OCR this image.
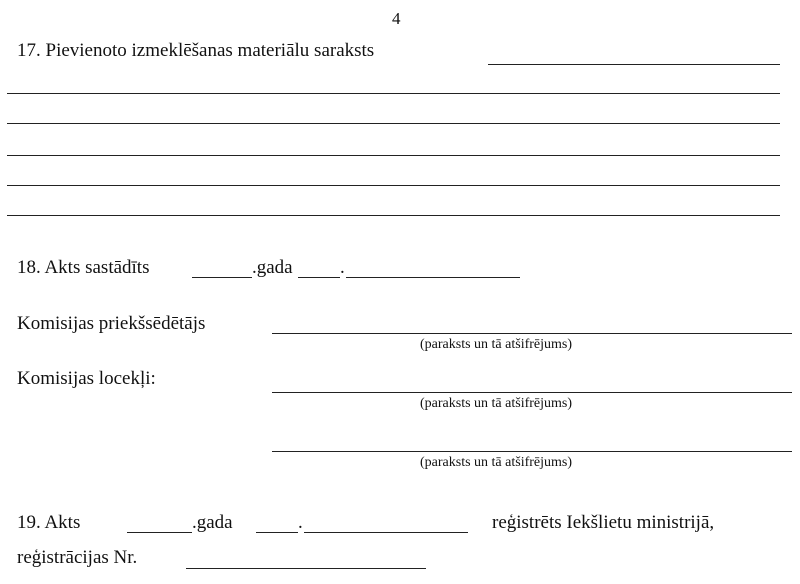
4
17. Pievienoto izmeklēšanas materiālu saraksts
18. Akts sastādīts	.gada .
Komisijas priekšsēdētājs
(paraksts un tā atšifrējums)
Komisijas locekļi:
(paraksts un tā atšifrējums)
(paraksts un tā atšifrējums)
19. Akts	.gada	.	reģistrēts Iekšlietu ministrijā,
reģistrācijas Nr.
